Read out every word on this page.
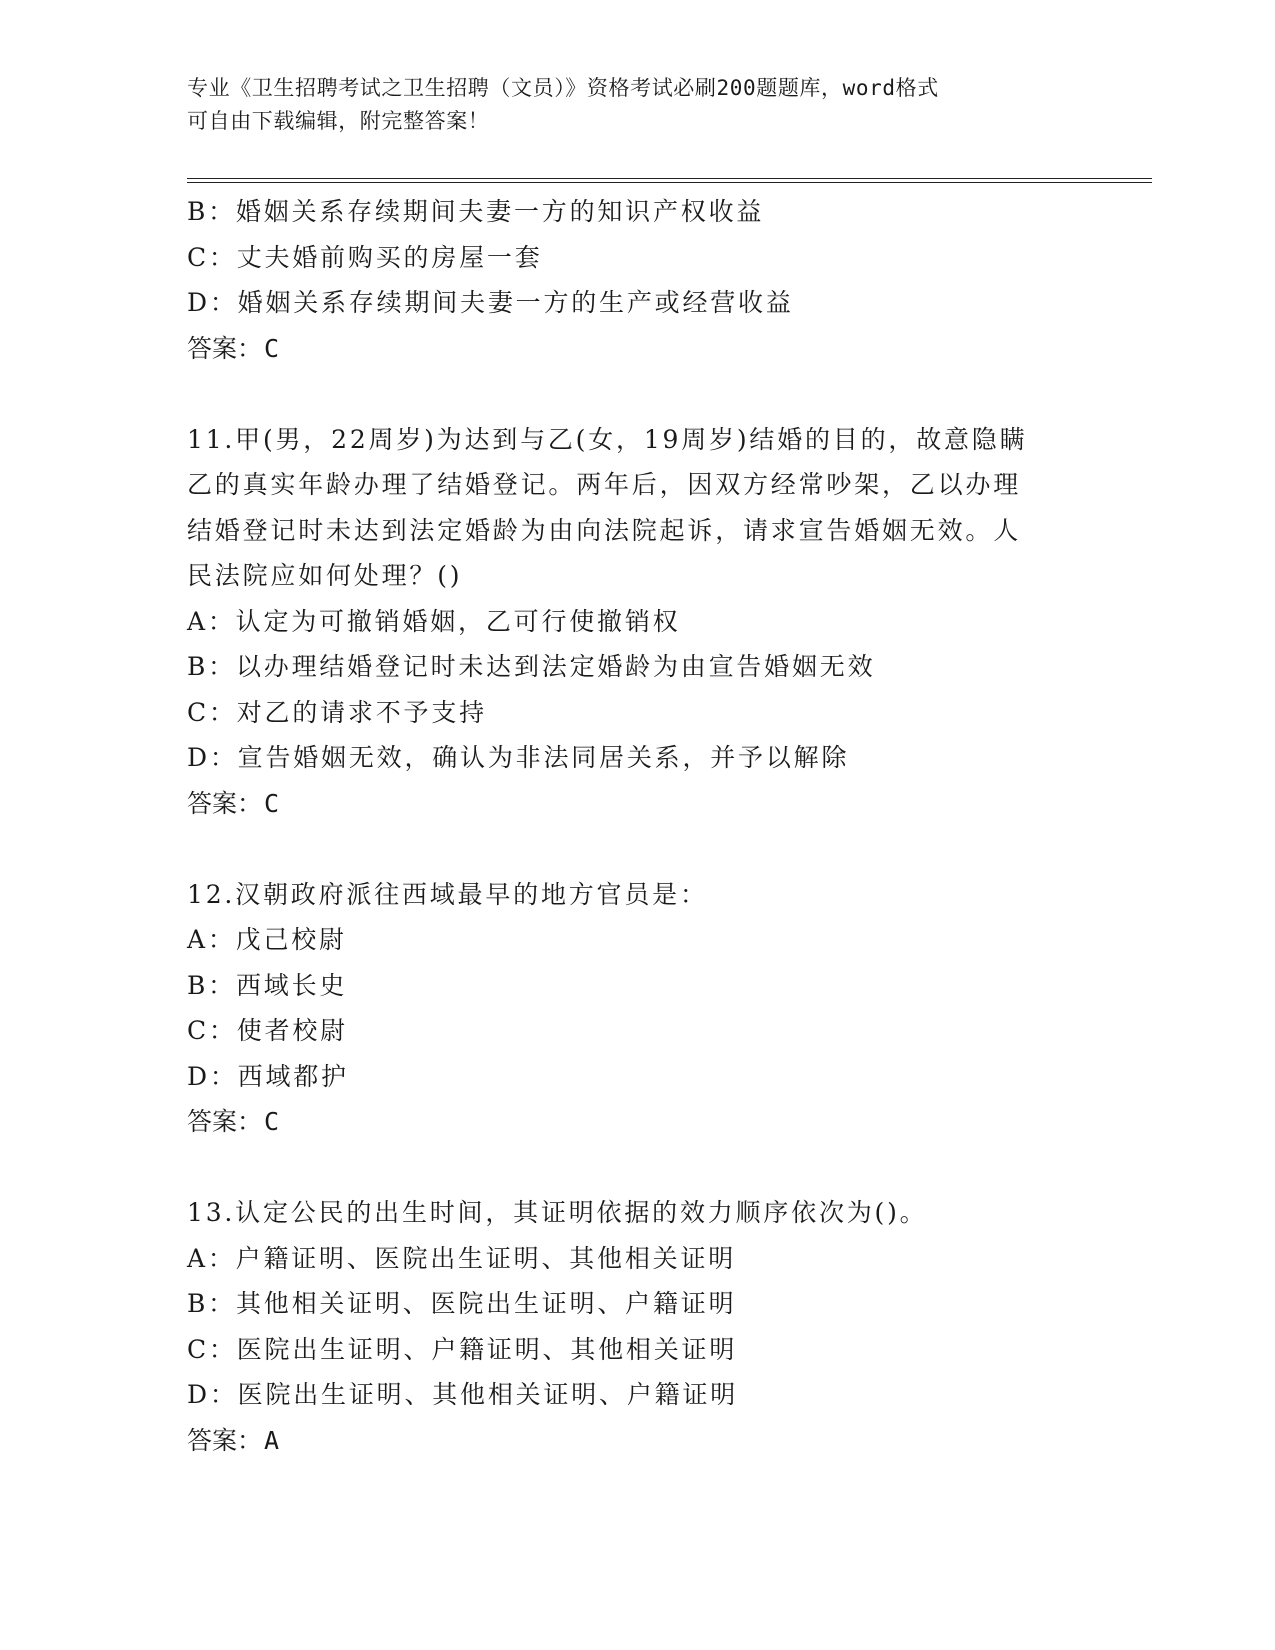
专业《卫生招聘考试之卫生招聘（文员）》资格考试必刷200题题库，word格式
可自由下载编辑，附完整答案！
B：婚姻关系存续期间夫妻一方的知识产权收益
C：丈夫婚前购买的房屋一套
D：婚姻关系存续期间夫妻一方的生产或经营收益
答案：C
11.甲(男，22周岁)为达到与乙(女，19周岁)结婚的目的，故意隐瞒
乙的真实年龄办理了结婚登记。两年后，因双方经常吵架，乙以办理
结婚登记时未达到法定婚龄为由向法院起诉，请求宣告婚姻无效。人
民法院应如何处理？()
A：认定为可撤销婚姻，乙可行使撤销权
B：以办理结婚登记时未达到法定婚龄为由宣告婚姻无效
C：对乙的请求不予支持
D：宣告婚姻无效，确认为非法同居关系，并予以解除
答案：C
12.汉朝政府派往西域最早的地方官员是：
A：戊己校尉
B：西域长史
C：使者校尉
D：西域都护
答案：C
13.认定公民的出生时间，其证明依据的效力顺序依次为()。
A：户籍证明、医院出生证明、其他相关证明
B：其他相关证明、医院出生证明、户籍证明
C：医院出生证明、户籍证明、其他相关证明
D：医院出生证明、其他相关证明、户籍证明
答案：A
